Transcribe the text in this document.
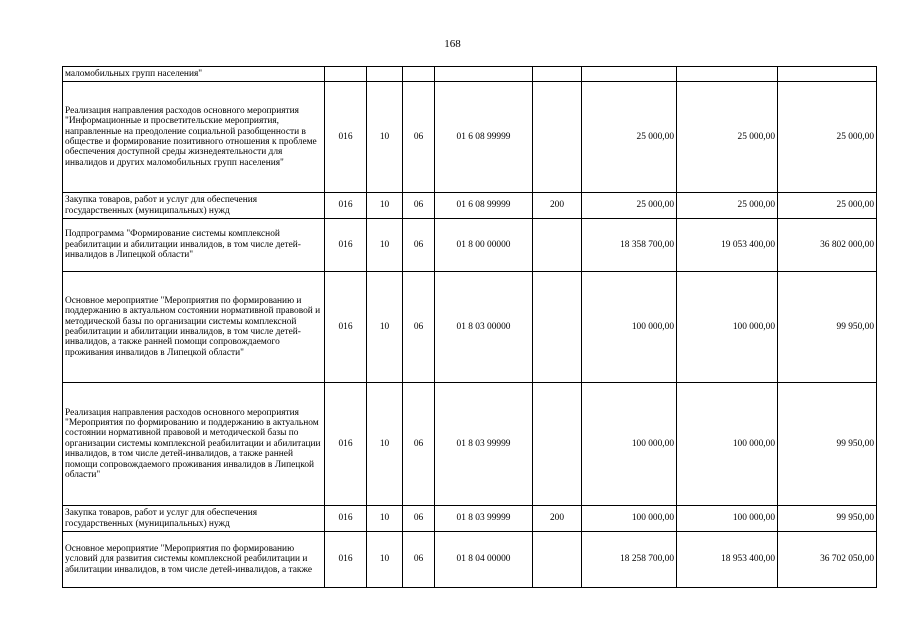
168
маломобильных групп населения"								
Реализация направления расходов основного мероприятия "Информационные и просветительские мероприятия, направленные на преодоление социальной разобщенности в обществе и формирование позитивного отношения к проблеме обеспечения доступной среды жизнедеятельности для инвалидов и других маломобильных групп населения"	016	10	06	01 6 08 99999		25 000,00	25 000,00	25 000,00
Закупка товаров, работ и услуг для обеспечения государственных (муниципальных) нужд	016	10	06	01 6 08 99999	200	25 000,00	25 000,00	25 000,00
Подпрограмма "Формирование системы комплексной реабилитации и абилитации инвалидов, в том числе детей-инвалидов в Липецкой области"	016	10	06	01 8 00 00000		18 358 700,00	19 053 400,00	36 802 000,00
Основное мероприятие "Мероприятия по формированию и поддержанию в актуальном состоянии нормативной правовой и методической базы по организации системы комплексной реабилитации и абилитации инвалидов, в том числе детей-инвалидов, а также ранней помощи сопровождаемого проживания инвалидов в Липецкой области"	016	10	06	01 8 03 00000		100 000,00	100 000,00	99 950,00
Реализация направления расходов основного мероприятия "Мероприятия по формированию и поддержанию в актуальном состоянии нормативной правовой и методической базы по организации системы комплексной реабилитации и абилитации инвалидов, в том числе детей-инвалидов, а также ранней помощи сопровождаемого проживания инвалидов в Липецкой области"	016	10	06	01 8 03 99999		100 000,00	100 000,00	99 950,00
Закупка товаров, работ и услуг для обеспечения государственных (муниципальных) нужд	016	10	06	01 8 03 99999	200	100 000,00	100 000,00	99 950,00
Основное мероприятие "Мероприятия по формированию условий для развития системы комплексной реабилитации и абилитации инвалидов, в том числе детей-инвалидов, а также	016	10	06	01 8 04 00000		18 258 700,00	18 953 400,00	36 702 050,00
